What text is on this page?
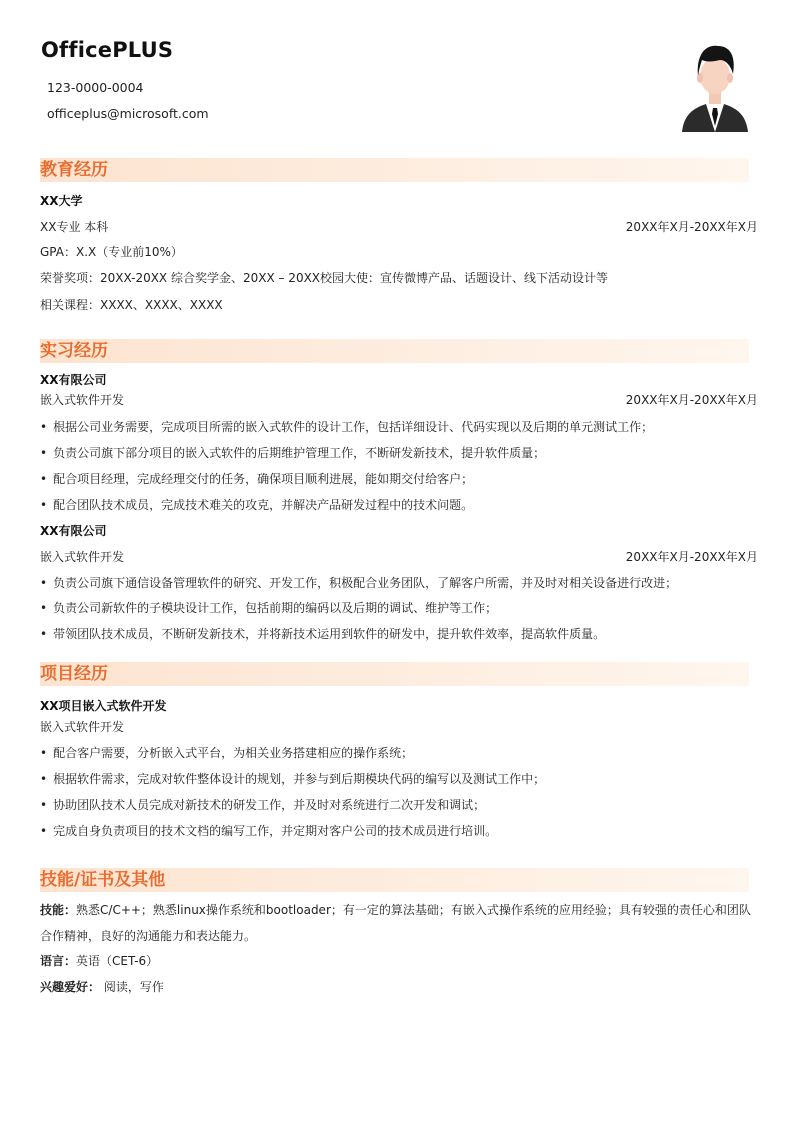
OfficePLUS
123-0000-0004
officeplus@microsoft.com
教育经历
XX大学
XX专业 本科	20XX年X月-20XX年X月
GPA：X.X（专业前10%）
荣誉奖项：20XX-20XX 综合奖学金、20XX – 20XX校园大使：宣传微博产品、话题设计、线下活动设计等
相关课程：XXXX、XXXX、XXXX
实习经历
XX有限公司
嵌入式软件开发	20XX年X月-20XX年X月
• 根据公司业务需要，完成项目所需的嵌入式软件的设计工作，包括详细设计、代码实现以及后期的单元测试工作；
• 负责公司旗下部分项目的嵌入式软件的后期维护管理工作，不断研发新技术，提升软件质量；
• 配合项目经理，完成经理交付的任务，确保项目顺利进展，能如期交付给客户；
• 配合团队技术成员，完成技术难关的攻克，并解决产品研发过程中的技术问题。
XX有限公司
嵌入式软件开发	20XX年X月-20XX年X月
• 负责公司旗下通信设备管理软件的研究、开发工作，积极配合业务团队，了解客户所需，并及时对相关设备进行改进；
• 负责公司新软件的子模块设计工作，包括前期的编码以及后期的调试、维护等工作；
• 带领团队技术成员，不断研发新技术，并将新技术运用到软件的研发中，提升软件效率，提高软件质量。
项目经历
XX项目嵌入式软件开发
嵌入式软件开发
• 配合客户需要，分析嵌入式平台，为相关业务搭建相应的操作系统；
• 根据软件需求，完成对软件整体设计的规划，并参与到后期模块代码的编写以及测试工作中；
• 协助团队技术人员完成对新技术的研发工作，并及时对系统进行二次开发和调试；
• 完成自身负责项目的技术文档的编写工作，并定期对客户公司的技术成员进行培训。
技能/证书及其他
技能：熟悉C/C++；熟悉linux操作系统和bootloader；有一定的算法基础；有嵌入式操作系统的应用经验；具有较强的责任心和团队合作精神，良好的沟通能力和表达能力。
语言：英语（CET-6）
兴趣爱好： 阅读，写作
